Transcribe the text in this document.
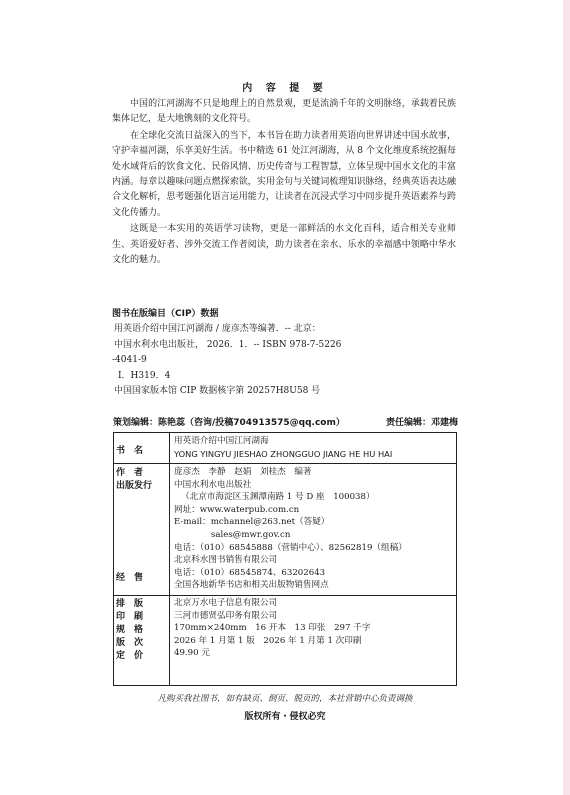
内 容 提 要

中国的江河湖海不只是地理上的自然景观，更是流淌千年的文明脉络，承载着民族集体记忆，是大地镌刻的文化符号。

在全球化交流日益深入的当下，本书旨在助力读者用英语向世界讲述中国水故事，守护幸福河湖，乐享美好生活。书中精选 61 处江河湖海，从 8 个文化维度系统挖掘每处水域背后的饮食文化、民俗风情、历史传奇与工程智慧，立体呈现中国水文化的丰富内涵。每章以趣味问题点燃探索欲，实用金句与关键词梳理知识脉络，经典英语表达融合文化解析，思考题强化语言运用能力，让读者在沉浸式学习中同步提升英语素养与跨文化传播力。

这既是一本实用的英语学习读物，更是一部鲜活的水文化百科，适合相关专业师生、英语爱好者、涉外交流工作者阅读，助力读者在亲水、乐水的幸福感中领略中华水文化的魅力。

图书在版编目（CIP）数据
用英语介绍中国江河湖海 / 庞彦杰等编著．-- 北京：
中国水利水电出版社， 2026．1．-- ISBN 978-7-5226
-4041-9
Ⅰ．H319．4
中国国家版本馆 CIP 数据核字第 20257H8U58 号
策划编辑：陈艳蕊（咨询/投稿704913575@qq.com）	责任编辑：邓建梅
书　名
用英语介绍中国江河湖海
YONG YINGYU JIESHAO ZHONGGUO JIANG HE HU HAI
作　者
出版发行
经　售
庞彦杰　李静　赵娟　刘桂杰　编著
中国水利水电出版社
（北京市海淀区玉渊潭南路 1 号 D 座　100038）
网址：www.waterpub.com.cn
E-mail：mchannel@263.net（答疑）
sales@mwr.gov.cn
电话：（010）68545888（营销中心）、82562819（组稿）
北京科水图书销售有限公司
电话：（010）68545874、63202643
全国各地新华书店和相关出版物销售网点
排　版
印　刷
规　格
版　次
定　价
北京万水电子信息有限公司
三河市德贤弘印务有限公司
170mm×240mm　16 开本　13 印张　297 千字
2026 年 1 月第 1 版　2026 年 1 月第 1 次印刷
49.90 元
凡购买我社图书，如有缺页、倒页、脱页的，本社营销中心负责调换
版权所有・侵权必究
